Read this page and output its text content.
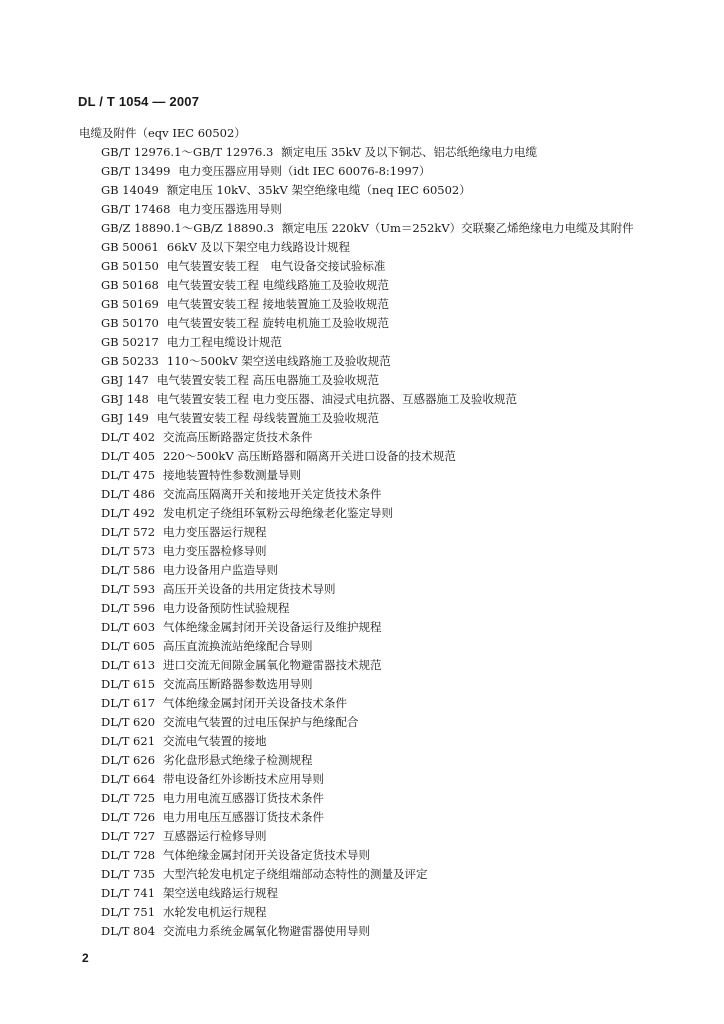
DL / T 1054 — 2007
电缆及附件（eqv IEC 60502）
GB/T 12976.1～GB/T 12976.3 额定电压 35kV 及以下铜芯、铝芯纸绝缘电力电缆
GB/T 13499 电力变压器应用导则（idt IEC 60076-8:1997）
GB 14049 额定电压 10kV、35kV 架空绝缘电缆（neq IEC 60502）
GB/T 17468 电力变压器选用导则
GB/Z 18890.1～GB/Z 18890.3 额定电压 220kV（Um＝252kV）交联聚乙烯绝缘电力电缆及其附件
GB 50061 66kV 及以下架空电力线路设计规程
GB 50150 电气装置安装工程　电气设备交接试验标准
GB 50168 电气装置安装工程 电缆线路施工及验收规范
GB 50169 电气装置安装工程 接地装置施工及验收规范
GB 50170 电气装置安装工程 旋转电机施工及验收规范
GB 50217 电力工程电缆设计规范
GB 50233 110～500kV 架空送电线路施工及验收规范
GBJ 147 电气装置安装工程 高压电器施工及验收规范
GBJ 148 电气装置安装工程 电力变压器、油浸式电抗器、互感器施工及验收规范
GBJ 149 电气装置安装工程 母线装置施工及验收规范
DL/T 402 交流高压断路器定货技术条件
DL/T 405 220～500kV 高压断路器和隔离开关进口设备的技术规范
DL/T 475 接地装置特性参数测量导则
DL/T 486 交流高压隔离开关和接地开关定货技术条件
DL/T 492 发电机定子绕组环氧粉云母绝缘老化鉴定导则
DL/T 572 电力变压器运行规程
DL/T 573 电力变压器检修导则
DL/T 586 电力设备用户监造导则
DL/T 593 高压开关设备的共用定货技术导则
DL/T 596 电力设备预防性试验规程
DL/T 603 气体绝缘金属封闭开关设备运行及维护规程
DL/T 605 高压直流换流站绝缘配合导则
DL/T 613 进口交流无间隙金属氧化物避雷器技术规范
DL/T 615 交流高压断路器参数选用导则
DL/T 617 气体绝缘金属封闭开关设备技术条件
DL/T 620 交流电气装置的过电压保护与绝缘配合
DL/T 621 交流电气装置的接地
DL/T 626 劣化盘形悬式绝缘子检测规程
DL/T 664 带电设备红外诊断技术应用导则
DL/T 725 电力用电流互感器订货技术条件
DL/T 726 电力用电压互感器订货技术条件
DL/T 727 互感器运行检修导则
DL/T 728 气体绝缘金属封闭开关设备定货技术导则
DL/T 735 大型汽轮发电机定子绕组端部动态特性的测量及评定
DL/T 741 架空送电线路运行规程
DL/T 751 水轮发电机运行规程
DL/T 804 交流电力系统金属氧化物避雷器使用导则
2
